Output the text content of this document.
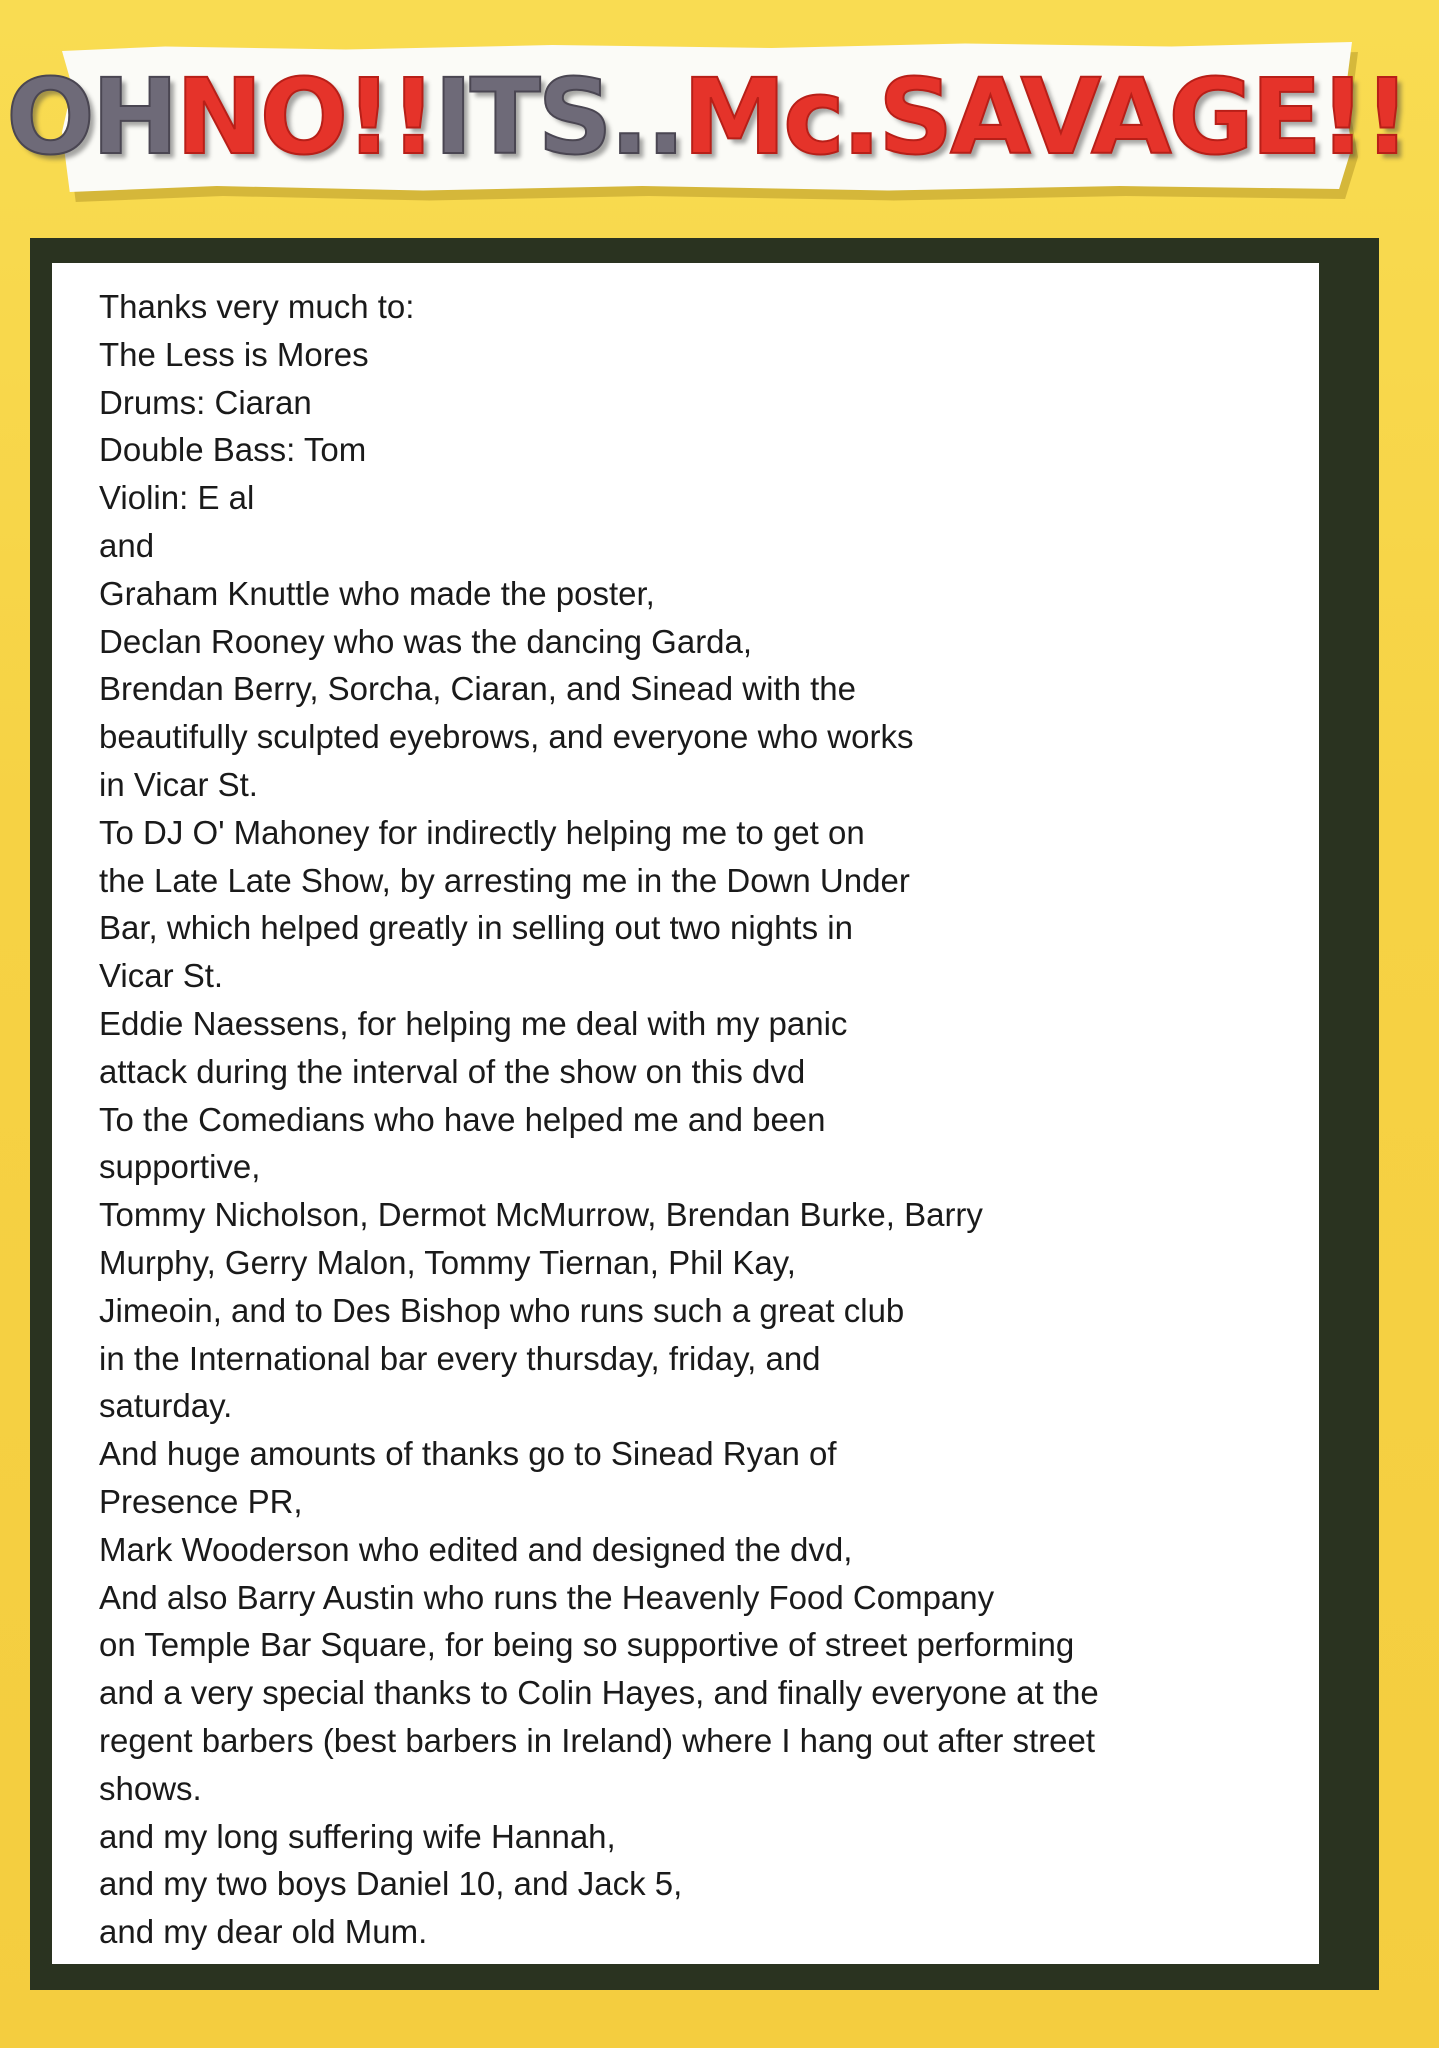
OH NO!! ITS.. Mc. SAVAGE!!
Thanks very much to:
The Less is Mores
Drums: Ciaran
Double Bass: Tom
Violin: E al
and
Graham Knuttle who made the poster,
Declan Rooney who was the dancing Garda,
Brendan Berry, Sorcha, Ciaran, and Sinead with the
beautifully sculpted eyebrows, and everyone who works
in Vicar St.
To DJ O' Mahoney for indirectly helping me to get on
the Late Late Show, by arresting me in the Down Under
Bar, which helped greatly in selling out two nights in
Vicar St.
Eddie Naessens, for helping me deal with my panic
attack during the interval of the show on this dvd
To the Comedians who have helped me and been
supportive,
Tommy Nicholson, Dermot McMurrow, Brendan Burke, Barry
Murphy, Gerry Malon, Tommy Tiernan, Phil Kay,
Jimeoin, and to Des Bishop who runs such a great club
in the International bar every thursday, friday, and
saturday.
And huge amounts of thanks go to Sinead Ryan of
Presence PR,
Mark Wooderson who edited and designed the dvd,
And also Barry Austin who runs the Heavenly Food Company
on Temple Bar Square, for being so supportive of street performing
and a very special thanks to Colin Hayes, and finally everyone at the
regent barbers (best barbers in Ireland) where I hang out after street
shows.
and my long suffering wife Hannah,
and my two boys Daniel 10, and Jack 5,
and my dear old Mum.
